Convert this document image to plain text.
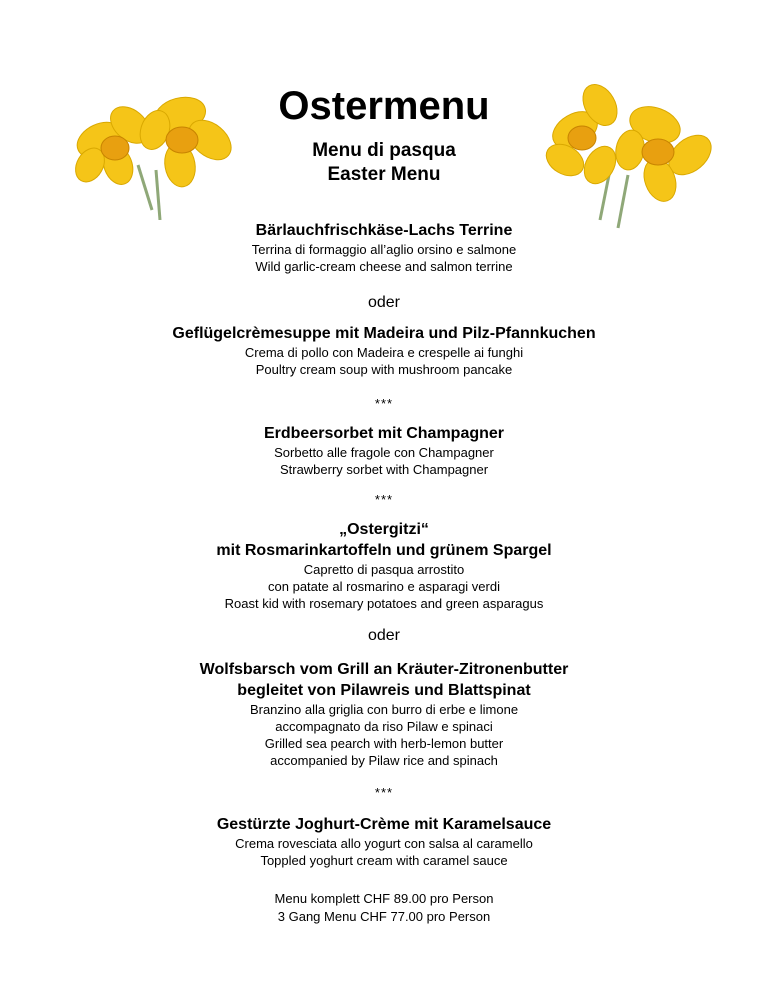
Ostermenu
Menu di pasqua
Easter Menu
Bärlauchfrischkäse-Lachs Terrine
Terrina di formaggio all’aglio orsino e salmone
Wild garlic-cream cheese and salmon terrine
oder
Geflügelcrèmesuppe mit Madeira und Pilz-Pfannkuchen
Crema di pollo con Madeira e crespelle ai funghi
Poultry cream soup with mushroom pancake
***
Erdbeersorbet mit Champagner
Sorbetto alle fragole con Champagner
Strawberry sorbet with Champagner
***
„Ostergitzi“
mit Rosmarinkartoffeln und grünem Spargel
Capretto di pasqua arrostito
con patate al rosmarino e asparagi verdi
Roast kid with rosemary potatoes and green asparagus
oder
Wolfsbarsch vom Grill an Kräuter-Zitronenbutter
begleitet von Pilawreis und Blattspinat
Branzino alla griglia con burro di erbe e limone
accompagnato da riso Pilaw e spinaci
Grilled sea pearch with herb-lemon butter
accompanied by Pilaw rice and spinach
***
Gestürzte Joghurt-Crème mit Karamelsauce
Crema rovesciata allo yogurt con salsa al caramello
Toppled yoghurt cream with caramel sauce
Menu komplett CHF 89.00 pro Person
3 Gang Menu CHF 77.00 pro Person
